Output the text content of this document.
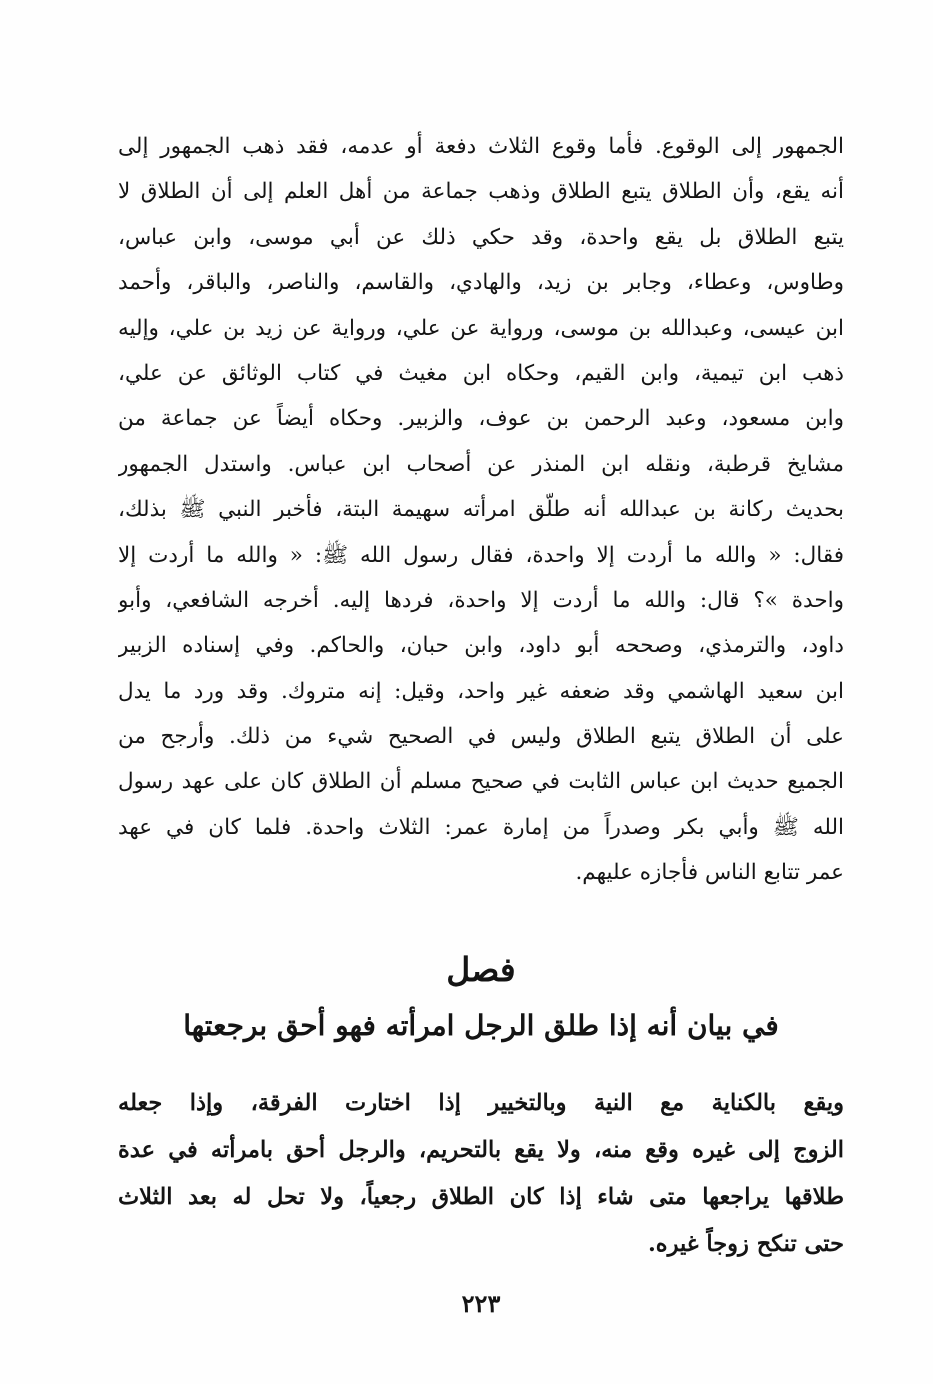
الجمهور إلى الوقوع. فأما وقوع الثلاث دفعة أو عدمه، فقد ذهب الجمهور إلى
أنه يقع، وأن الطلاق يتبع الطلاق وذهب جماعة من أهل العلم إلى أن الطلاق لا
يتبع الطلاق بل يقع واحدة، وقد حكي ذلك عن أبي موسى، وابن عباس،
وطاوس، وعطاء، وجابر بن زيد، والهادي، والقاسم، والناصر، والباقر، وأحمد
ابن عيسى، وعبدالله بن موسى، ورواية عن علي، ورواية عن زيد بن علي، وإليه
ذهب ابن تيمية، وابن القيم، وحكاه ابن مغيث في كتاب الوثائق عن علي،
وابن مسعود، وعبد الرحمن بن عوف، والزبير. وحكاه أيضاً عن جماعة من
مشايخ قرطبة، ونقله ابن المنذر عن أصحاب ابن عباس. واستدل الجمهور
بحديث ركانة بن عبدالله أنه طلّق امرأته سهيمة البتة، فأخبر النبي ﷺ بذلك،
فقال: « والله ما أردت إلا واحدة، فقال رسول الله ﷺ: « والله ما أردت إلا
واحدة »؟ قال: والله ما أردت إلا واحدة، فردها إليه. أخرجه الشافعي، وأبو
داود، والترمذي، وصححه أبو داود، وابن حبان، والحاكم. وفي إسناده الزبير
ابن سعيد الهاشمي وقد ضعفه غير واحد، وقيل: إنه متروك. وقد ورد ما يدل
على أن الطلاق يتبع الطلاق وليس في الصحيح شيء من ذلك. وأرجح من
الجميع حديث ابن عباس الثابت في صحيح مسلم أن الطلاق كان على عهد رسول
الله ﷺ وأبي بكر وصدراً من إمارة عمر: الثلاث واحدة. فلما كان في عهد
عمر تتابع الناس فأجازه عليهم.
فصل
في بيان أنه إذا طلق الرجل امرأته فهو أحق برجعتها
ويقع بالكناية مع النية وبالتخيير إذا اختارت الفرقة، وإذا جعله
الزوج إلى غيره وقع منه، ولا يقع بالتحريم، والرجل أحق بامرأته في عدة
طلاقها يراجعها متى شاء إذا كان الطلاق رجعياً، ولا تحل له بعد الثلاث
حتى تنكح زوجاً غيره.
٢٢٣
